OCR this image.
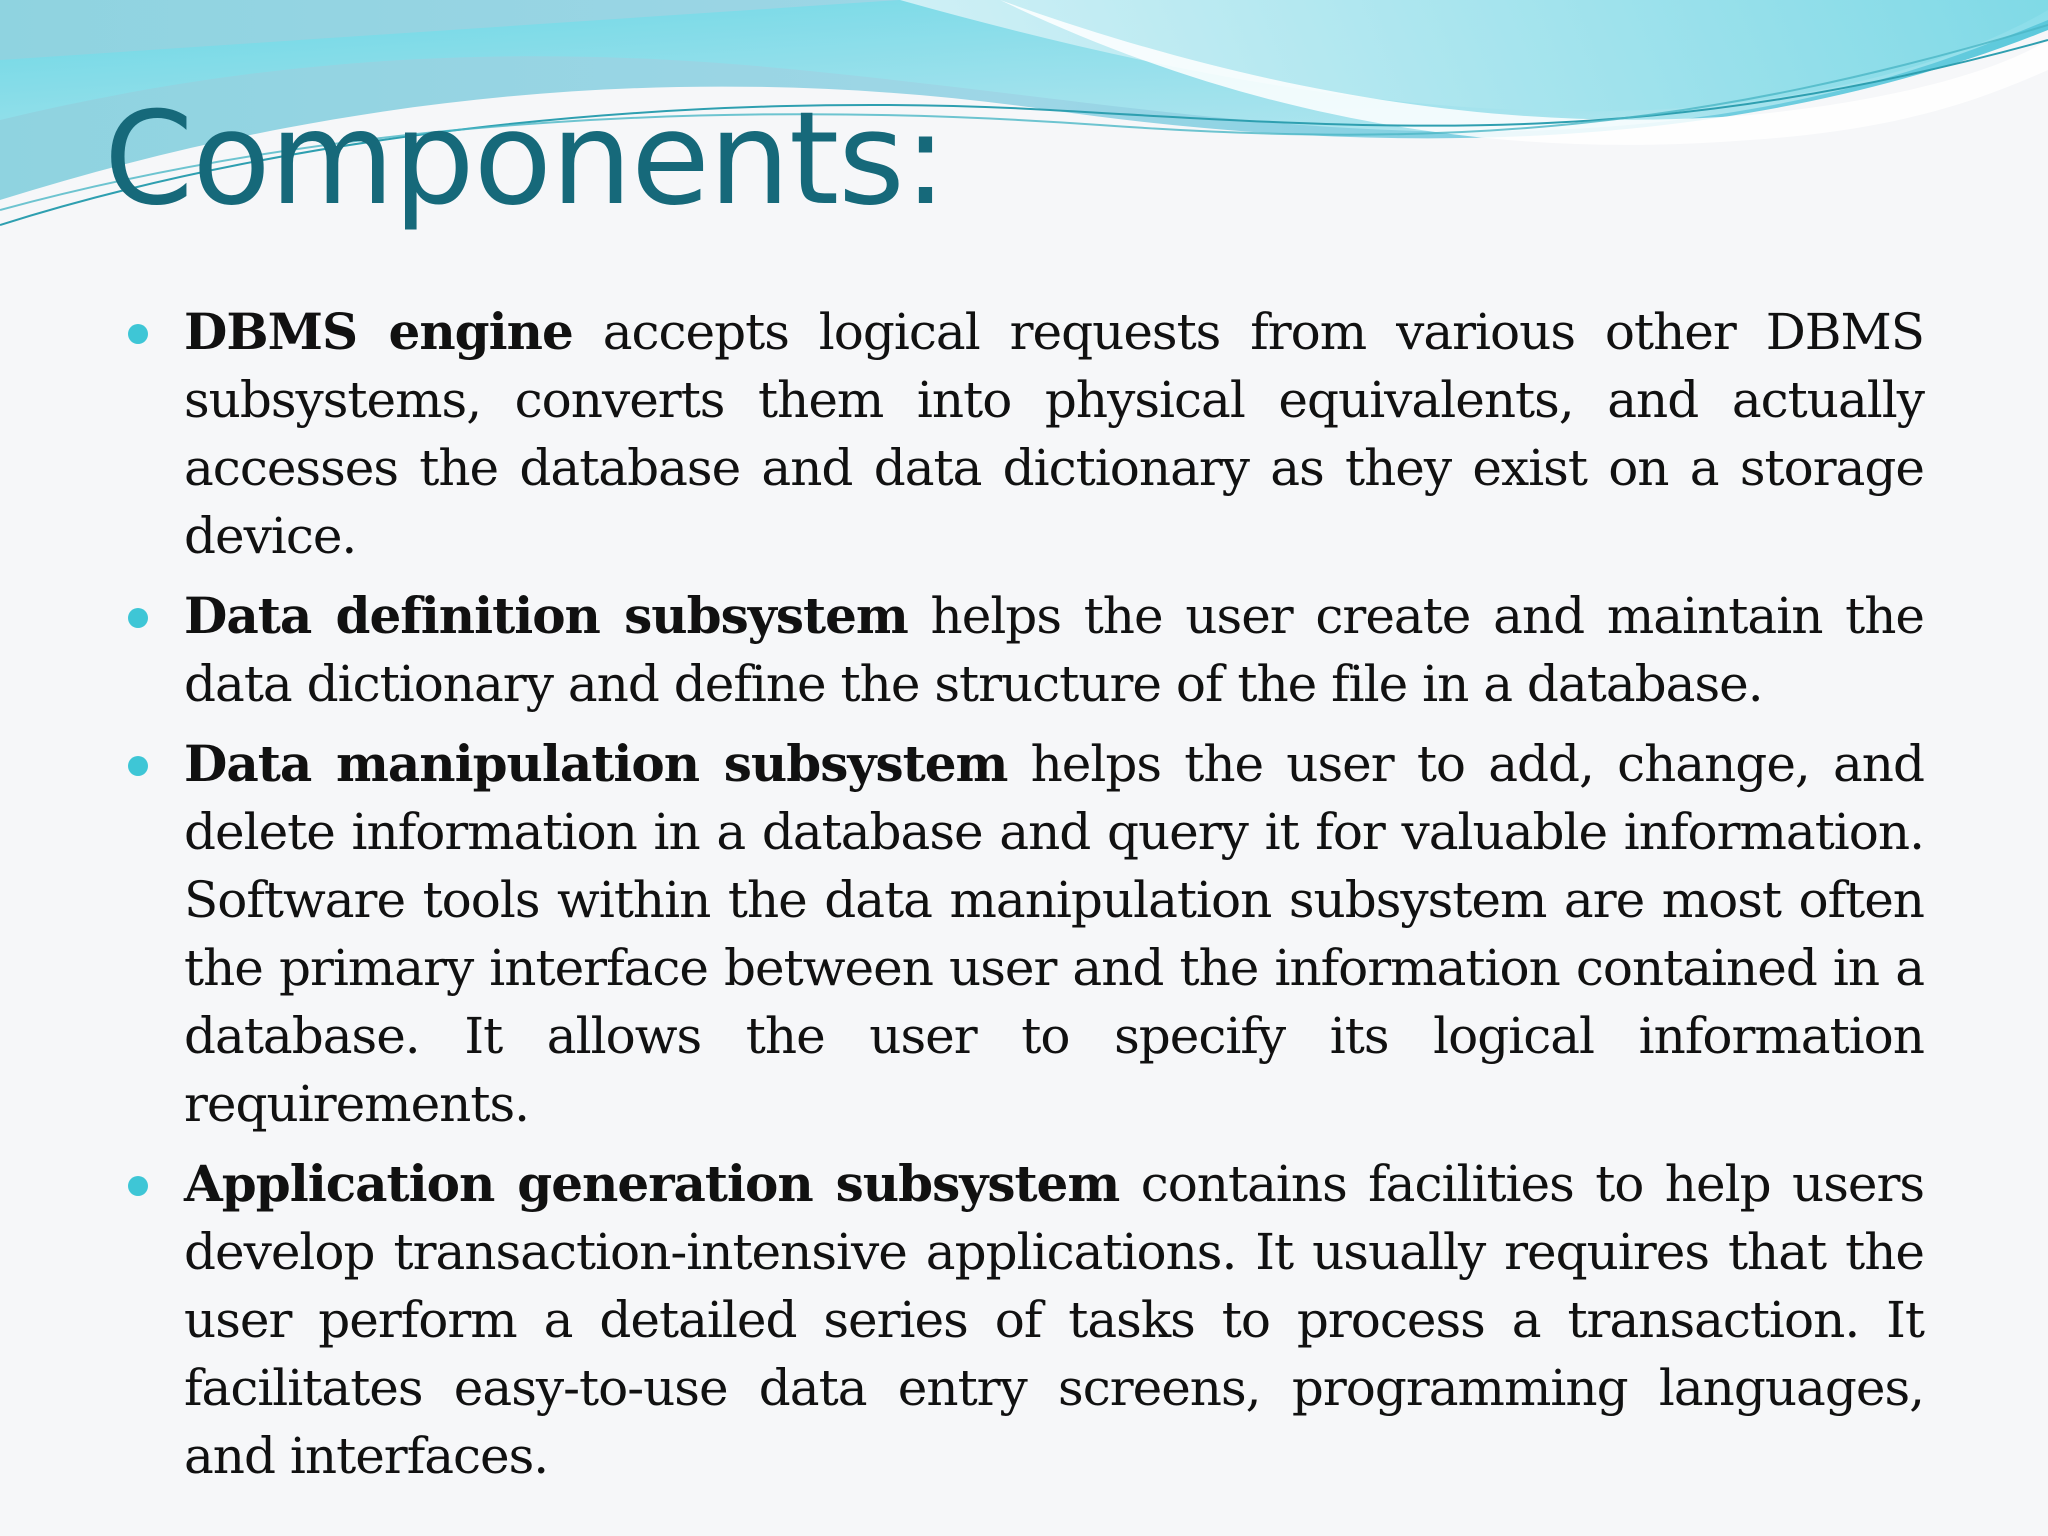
Components:
DBMS engine accepts logical requests from various other DBMS subsystems, converts them into physical equivalents, and actually accesses the database and data dictionary as they exist on a storage device.
Data definition subsystem helps the user create and maintain the data dictionary and define the structure of the file in a database.
Data manipulation subsystem helps the user to add, change, and delete information in a database and query it for valuable information. Software tools within the data manipulation subsystem are most often the primary interface between user and the information contained in a database. It allows the user to specify its logical information requirements.
Application generation subsystem contains facilities to help users develop transaction-intensive applications. It usually requires that the user perform a detailed series of tasks to process a transaction. It facilitates easy-to-use data entry screens, programming languages, and interfaces.
